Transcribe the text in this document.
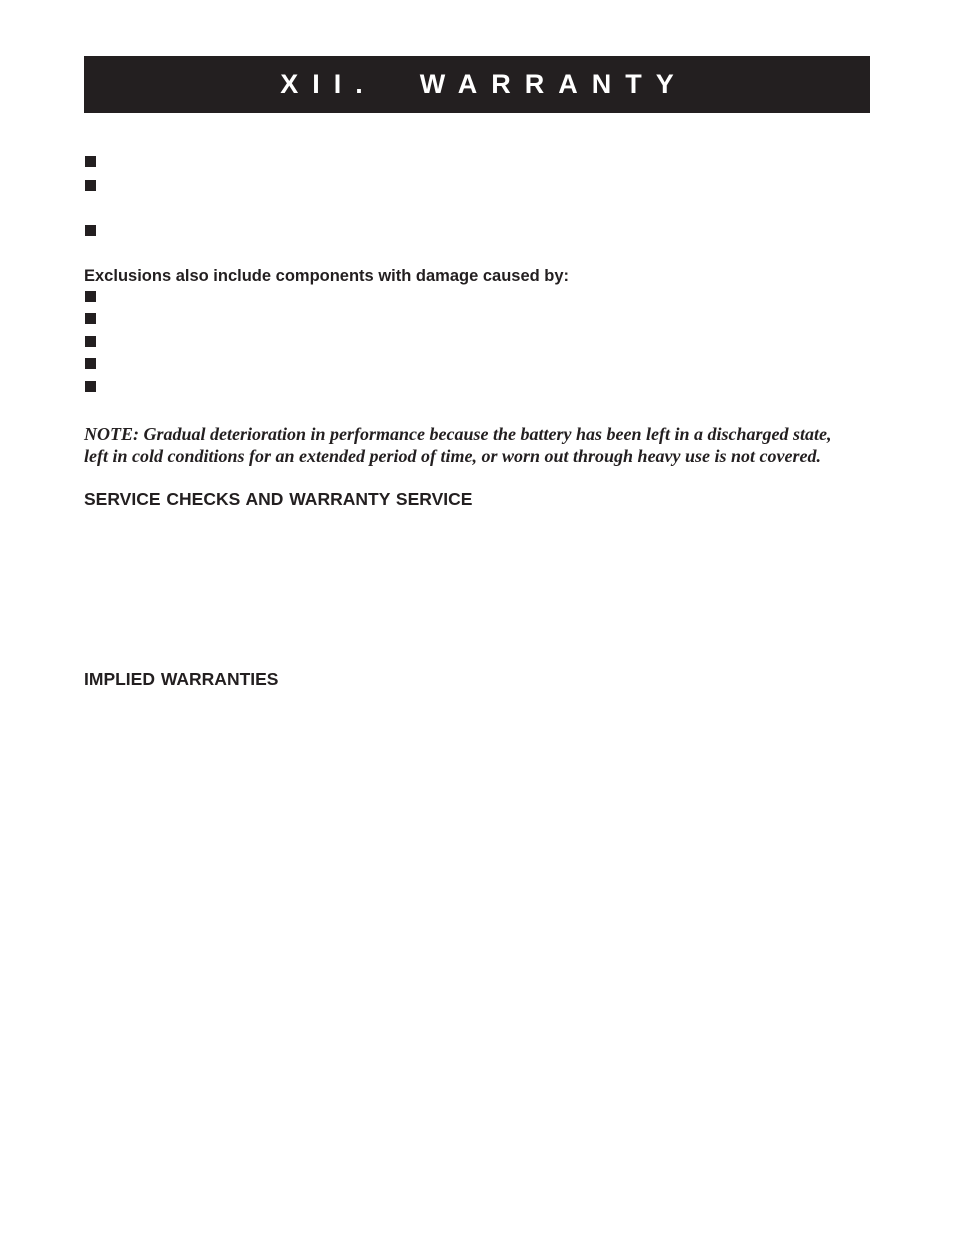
XII.  WARRANTY
Exclusions also include components with damage caused by:
NOTE: Gradual deterioration in performance because the battery has been left in a discharged state,
left in cold conditions for an extended period of time, or worn out through heavy use is not covered.
SERVICE CHECKS AND WARRANTY SERVICE
IMPLIED WARRANTIES
